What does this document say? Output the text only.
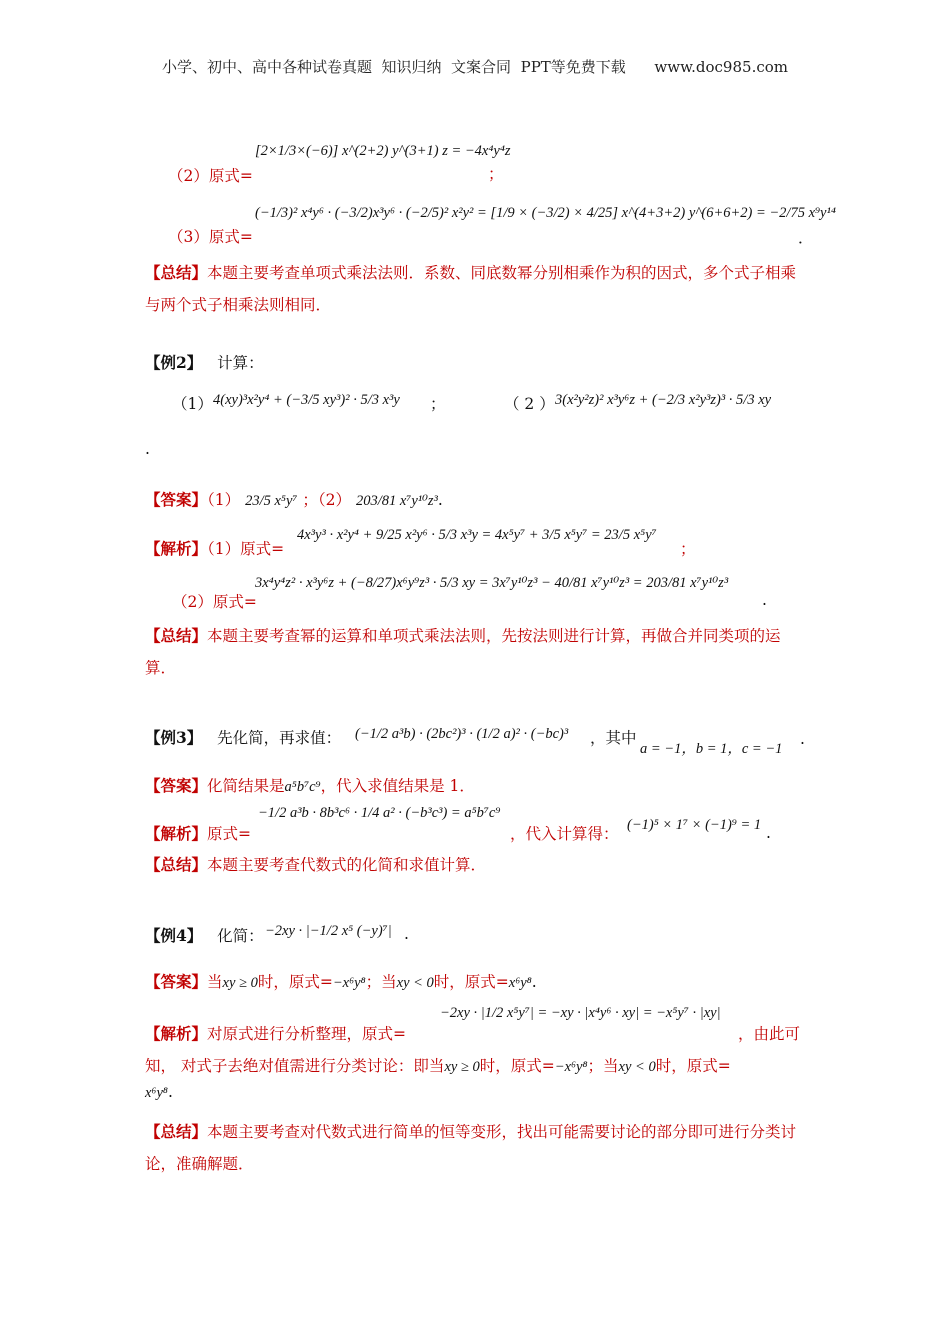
小学、初中、高中各种试卷真题  知识归纳  文案合同  PPT等免费下载      www.doc985.com
（2）原式=
[2×1/3×(−6)] x^(2+2) y^(3+1) z = −4x⁴y⁴z
；
（3）原式=
(−1/3)² x⁴y⁶ · (−3/2)x³y⁶ · (−2/5)² x²y² = [1/9 × (−3/2) × 4/25] x^(4+3+2) y^(6+6+2) = −2/75 x⁹y¹⁴
．
【总结】本题主要考查单项式乘法法则．系数、同底数幂分别相乘作为积的因式，多个式子相乘与两个式子相乘法则相同．
【例2】 计算：
（1） 4(xy)³x²y⁴ + (−3/5 xy³)² · 5/3 x³y ；	（ 2 ） 3(x²y²z)² x³y⁶z + (−2/3 x²y³z)³ · 5/3 xy
.
【答案】（1） 23/5 x⁵y⁷ ；（2） 203/81 x⁷y¹⁰z³.
【解析】（1）原式=
4x³y³ · x²y⁴ + 9/25 x²y⁶ · 5/3 x³y = 4x⁵y⁷ + 3/5 x⁵y⁷ = 23/5 x⁵y⁷
；
（2）原式=
3x⁴y⁴z² · x³y⁶z + (−8/27)x⁶y⁹z³ · 5/3 xy = 3x⁷y¹⁰z³ − 40/81 x⁷y¹⁰z³ = 203/81 x⁷y¹⁰z³
.
【总结】本题主要考查幂的运算和单项式乘法法则，先按法则进行计算，再做合并同类项的运算．
【例3】 先化简，再求值： (−1/2 a³b) · (2bc²)³ · (1/2 a)² · (−bc)³ ，其中
a = −1，b = 1，c = −1
.
【答案】化简结果是a⁵b⁷c⁹，代入求值结果是 1．
【解析】原式=
−1/2 a³b · 8b³c⁶ · 1/4 a² · (−b³c³) = a⁵b⁷c⁹
，代入计算得： (−1)⁵ × 1⁷ × (−1)⁹ = 1 .
【总结】本题主要考查代数式的化简和求值计算．
【例4】 化简： −2xy · |−1/2 x⁵ (−y)⁷| .
【答案】当xy ≥ 0时，原式=−x⁶y⁸；当xy < 0时，原式=x⁶y⁸.
【解析】对原式进行分析整理，原式=
−2xy · |1/2 x⁵y⁷| = −xy · |x⁴y⁶ · xy| = −x⁵y⁷ · |xy|
，由此可
知， 对式子去绝对值需进行分类讨论：即当xy ≥ 0时，原式=−x⁶y⁸；当xy < 0时，原式=
x⁶y⁸.
【总结】本题主要考查对代数式进行简单的恒等变形，找出可能需要讨论的部分即可进行分类讨论，准确解题．
